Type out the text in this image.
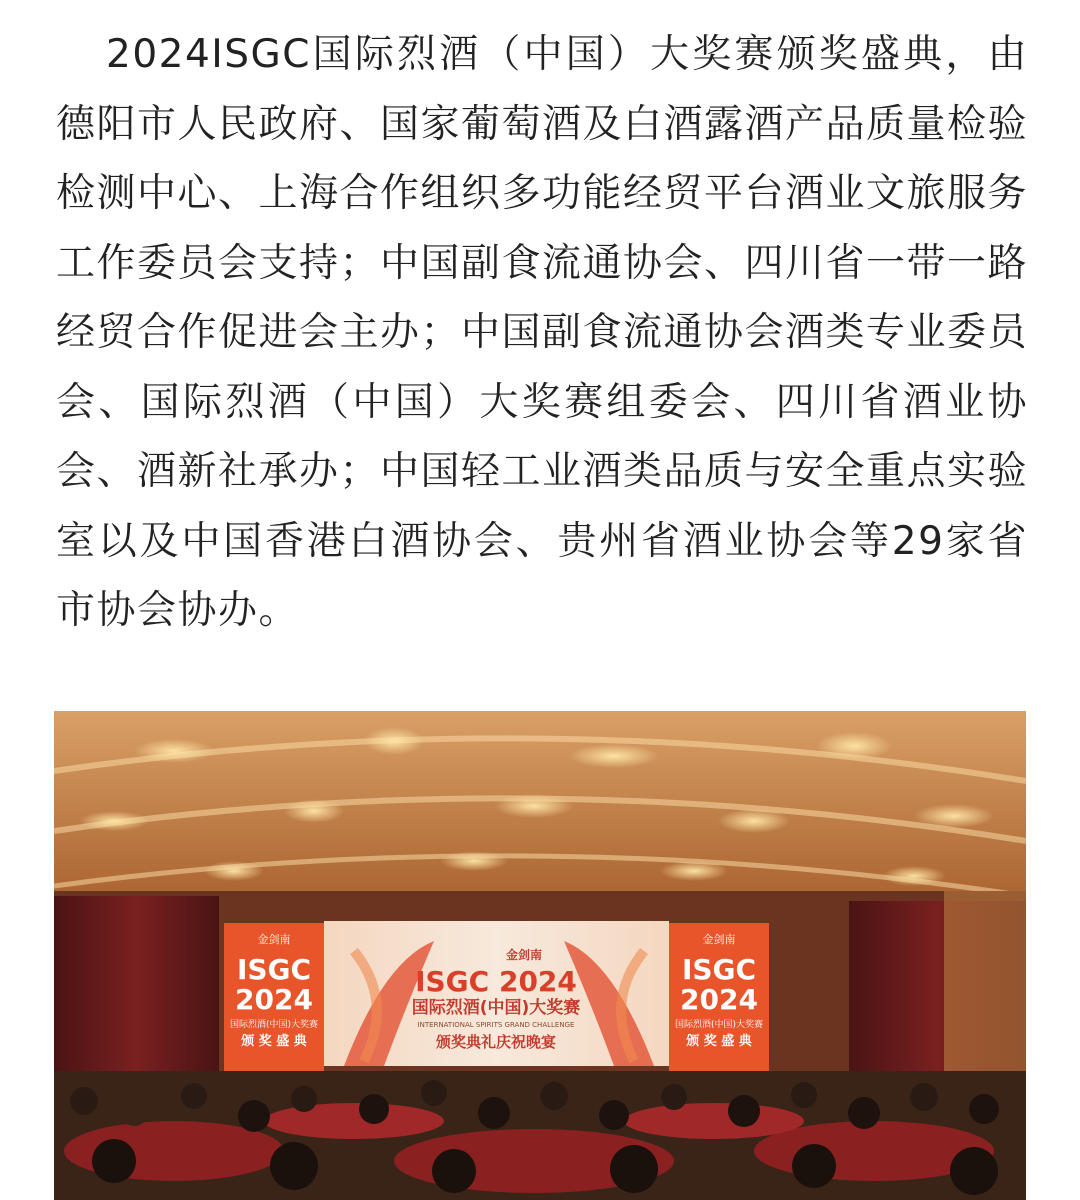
2024ISGC国际烈酒（中国）大奖赛颁奖盛典，由德阳市人民政府、国家葡萄酒及白酒露酒产品质量检验检测中心、上海合作组织多功能经贸平台酒业文旅服务工作委员会支持；中国副食流通协会、四川省一带一路经贸合作促进会主办；中国副食流通协会酒类专业委员会、国际烈酒（中国）大奖赛组委会、四川省酒业协会、酒新社承办；中国轻工业酒类品质与安全重点实验室以及中国香港白酒协会、贵州省酒业协会等29家省市协会协办。

金剑南
ISGC
2024
国际烈酒(中国)大奖赛
颁 奖 盛 典
金剑南
ISGC 2024
国际烈酒(中国)大奖赛
INTERNATIONAL SPIRITS GRAND CHALLENGE
颁奖典礼庆祝晚宴
金剑南
ISGC
2024
国际烈酒(中国)大奖赛
颁 奖 盛 典
